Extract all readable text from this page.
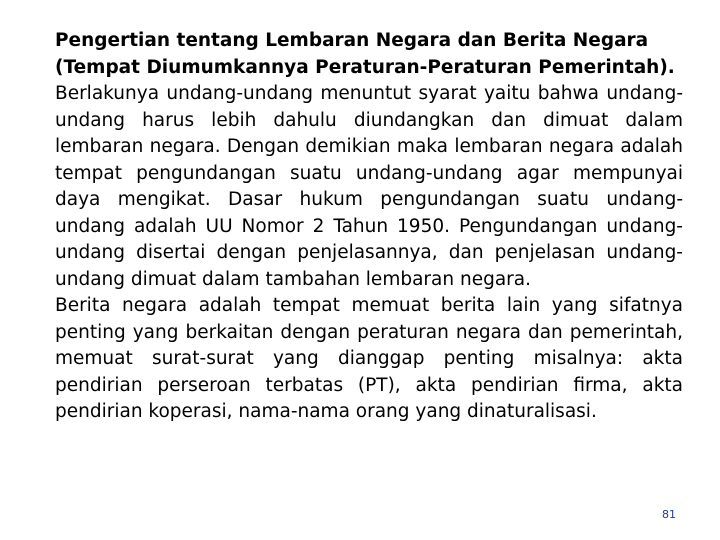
Pengertian tentang Lembaran Negara dan Berita Negara

(Tempat Diumumkannya Peraturan-Peraturan Pemerintah).

Berlakunya undang-undang menuntut syarat yaitu bahwa undang-undang harus lebih dahulu diundangkan dan dimuat dalam lembaran negara. Dengan demikian maka lembaran negara adalah tempat pengundangan suatu undang-undang agar mempunyai daya mengikat. Dasar hukum pengundangan suatu undang-undang adalah UU Nomor 2 Tahun 1950. Pengundangan undang-undang disertai dengan penjelasannya, dan penjelasan undang-undang dimuat dalam tambahan lembaran negara.

Berita negara adalah tempat memuat berita lain yang sifatnya penting yang berkaitan dengan peraturan negara dan pemerintah, memuat surat-surat yang dianggap penting misalnya: akta pendirian perseroan terbatas (PT), akta pendirian firma, akta pendirian koperasi, nama-nama orang yang dinaturalisasi.

81
